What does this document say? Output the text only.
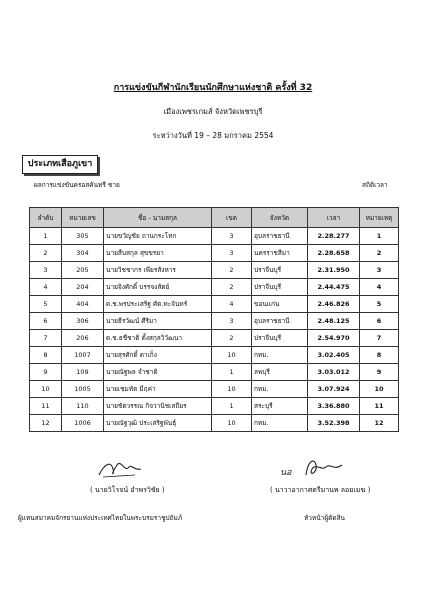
การแข่งขันกีฬานักเรียนนักศึกษาแห่งชาติ ครั้งที่ 32
เมืองเพชรเกมส์ จังหวัดเพชรบุรี
ระหว่างวันที่ 19 – 28 มกราคม 2554
ประเภทเสือภูเขา
ผลการแข่งขันครอสคันทรี ชาย	สถิติเวลา
ลำดับ	หมายเลข	ชื่อ - นามสกุล	เขต	จังหวัด	เวลา	หมายเหตุ
1	305	นายขวัญชัย ถานกระโทก	3	อุบลราชธานี	2.28.277	1
2	304	นายสืบสกุล สุขขรยา	3	นครราชสีมา	2.28.658	2
3	205	นายวิชชากร เพียรสังหาร	2	ปราจีนบุรี	2.31.950	3
4	204	นายจิงศักดิ์ บรรจงสัตย์	2	ปราจีนบุรี	2.44.475	4
5	404	ด.ช.พรประเสริฐ ศัต.ทะจันทร์	4	ขอนแก่น	2.46.826	5
6	306	นายธีรวัฒน์ ศีริมา	3	อุบลราชธานี	2.48.125	6
7	206	ด.ช.ธชีชาติ ตั้งสกุลวิวัฒนา	2	ปราจีนบุรี	2.54.970	7
8	1007	นายสุรศักดิ์ ตาเก็ง	10	กทม.	3.02.405	8
9	109	นายณัฐพล จำชาติ	1	ลพบุรี	3.03.012	9
10	1005	นายเชมทัต มีฤค่า	10	กทม.	3.07.924	10
11	110	นายชัตวรรณ กิจวานิชเสถียร	1	สระบุรี	3.36.880	11
12	1006	นายณัฐวุฒิ ประเสริฐพันธุ์	10	กทม.	3.52.398	12
นอ
( นายวิโรจน์ อำพรวิชัย )	( นาวาอากาศตรีมานพ ลอยเมฆ )
ผู้แทนสมาคมจักรยานแห่งประเทศไทยในพระบรมราชูปถัมภ์	หัวหน้าผู้ตัดสิน
